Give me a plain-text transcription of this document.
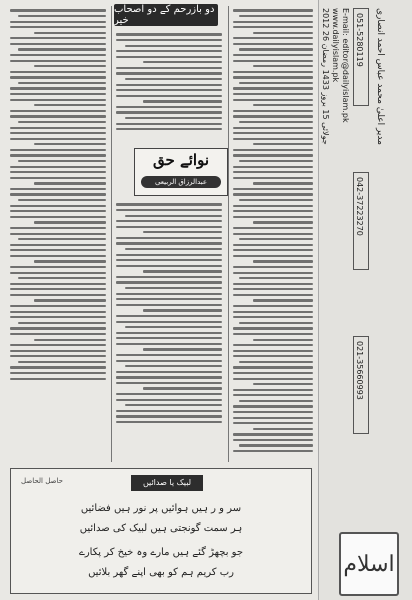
دو بازرحم کے دو اصحاب خیر
نوائے حق
عبدالرزاق الربیعی
حاصل الحاصل	لبیک یا صدائیں
سر و ر ہیں ہوائیں پر نور ہیں فضائیں
ہر سمت گونجتی ہیں لبیک کی صدائیں
جو بچھڑ گئے ہیں مارے وہ خیخ کر پکارے
رب کریم ہم کو بھی اپنے گھر بلائیں
2012 جولائی 15 بروز 1433 رمضان 26
www.dailyislam.pk E-mail: editor@dailyislam.pk 051-5280119
042-37223270
021-35660993
مدیر اعلیٰ محمد عباس احمد انصاری
اسلام
